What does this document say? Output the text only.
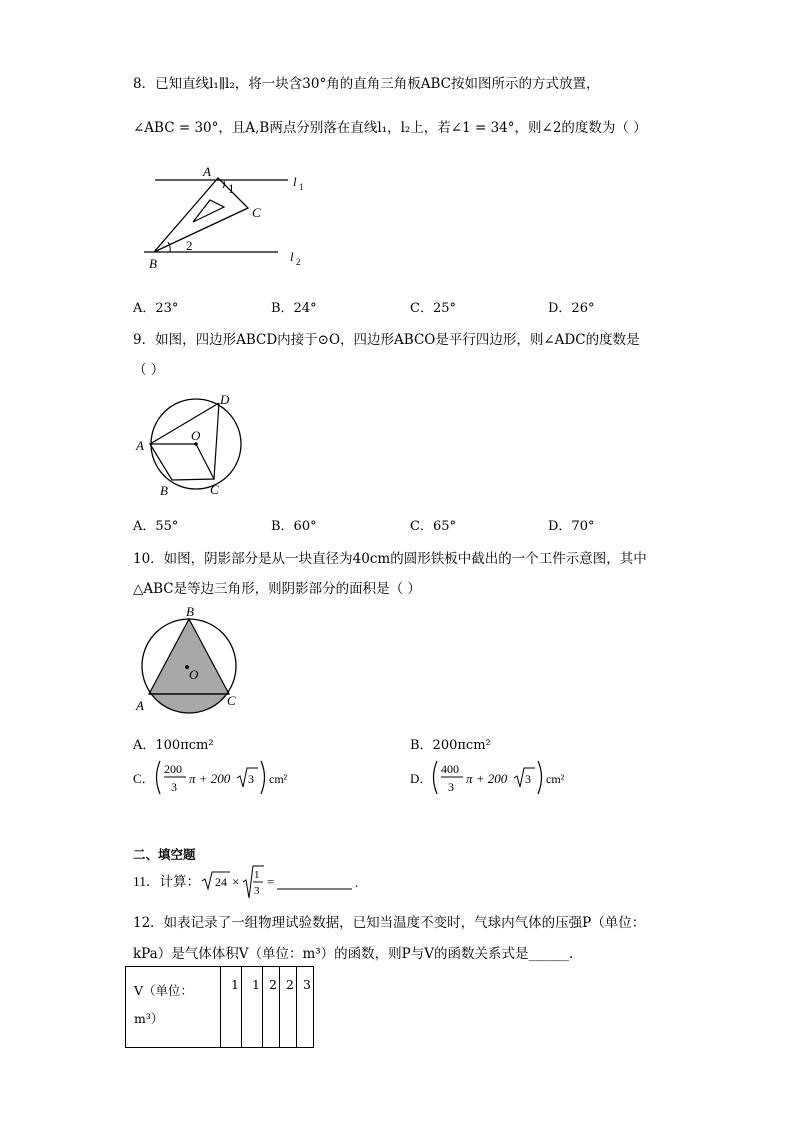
8．已知直线l₁∥l₂，将一块含30°角的直角三角板ABC按如图所示的方式放置，
∠ABC = 30°，且A,B两点分别落在直线l₁，l₂上，若∠1 = 34°，则∠2的度数为（ ）
A
1
C
2
B
l 1
l 2
A．23°	B．24°	C．25°	D．26°
9．如图，四边形ABCD内接于⊙O，四边形ABCO是平行四边形，则∠ADC的度数是
（ ）
A
B	C
D
O
A．55°	B．60°	C．65°	D．70°
10．如图，阴影部分是从一块直径为40cm的圆形铁板中截出的一个工件示意图，其中
△ABC是等边三角形，则阴影部分的面积是（ ）
B
O
A	C
A．100πcm²	B．200πcm²
C．
200
3
π + 200 3 cm²	D．
400
3
π + 200 3 cm²
二、填空题
11．计算： 24 × 1
3
=	.
12．如表记录了一组物理试验数据，已知当温度不变时，气球内气体的压强P（单位：
kPa）是气体体积V（单位：m³）的函数，则P与V的函数关系式是______.
V（单位：
m³）
	1	1	2	2	3
